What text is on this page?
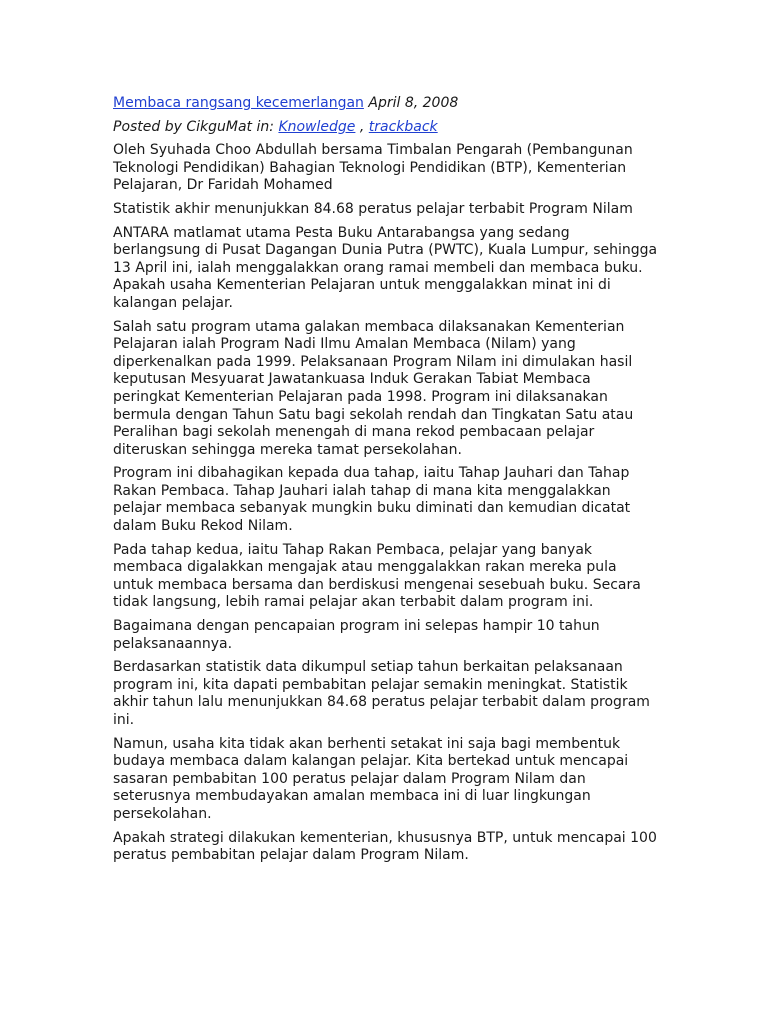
Membaca rangsang kecemerlangan April 8, 2008
Posted by CikguMat in: Knowledge , trackback

Oleh Syuhada Choo Abdullah bersama Timbalan Pengarah (Pembangunan Teknologi Pendidikan) Bahagian Teknologi Pendidikan (BTP), Kementerian Pelajaran, Dr Faridah Mohamed

Statistik akhir menunjukkan 84.68 peratus pelajar terbabit Program Nilam

ANTARA matlamat utama Pesta Buku Antarabangsa yang sedang berlangsung di Pusat Dagangan Dunia Putra (PWTC), Kuala Lumpur, sehingga 13 April ini, ialah menggalakkan orang ramai membeli dan membaca buku. Apakah usaha Kementerian Pelajaran untuk menggalakkan minat ini di kalangan pelajar.

Salah satu program utama galakan membaca dilaksanakan Kementerian Pelajaran ialah Program Nadi Ilmu Amalan Membaca (Nilam) yang diperkenalkan pada 1999. Pelaksanaan Program Nilam ini dimulakan hasil keputusan Mesyuarat Jawatankuasa Induk Gerakan Tabiat Membaca peringkat Kementerian Pelajaran pada 1998. Program ini dilaksanakan bermula dengan Tahun Satu bagi sekolah rendah dan Tingkatan Satu atau Peralihan bagi sekolah menengah di mana rekod pembacaan pelajar diteruskan sehingga mereka tamat persekolahan.

Program ini dibahagikan kepada dua tahap, iaitu Tahap Jauhari dan Tahap Rakan Pembaca. Tahap Jauhari ialah tahap di mana kita menggalakkan pelajar membaca sebanyak mungkin buku diminati dan kemudian dicatat dalam Buku Rekod Nilam.

Pada tahap kedua, iaitu Tahap Rakan Pembaca, pelajar yang banyak membaca digalakkan mengajak atau menggalakkan rakan mereka pula untuk membaca bersama dan berdiskusi mengenai sesebuah buku. Secara tidak langsung, lebih ramai pelajar akan terbabit dalam program ini.

Bagaimana dengan pencapaian program ini selepas hampir 10 tahun pelaksanaannya.

Berdasarkan statistik data dikumpul setiap tahun berkaitan pelaksanaan program ini, kita dapati pembabitan pelajar semakin meningkat. Statistik akhir tahun lalu menunjukkan 84.68 peratus pelajar terbabit dalam program ini.

Namun, usaha kita tidak akan berhenti setakat ini saja bagi membentuk budaya membaca dalam kalangan pelajar. Kita bertekad untuk mencapai sasaran pembabitan 100 peratus pelajar dalam Program Nilam dan seterusnya membudayakan amalan membaca ini di luar lingkungan persekolahan.

Apakah strategi dilakukan kementerian, khususnya BTP, untuk mencapai 100 peratus pembabitan pelajar dalam Program Nilam.
